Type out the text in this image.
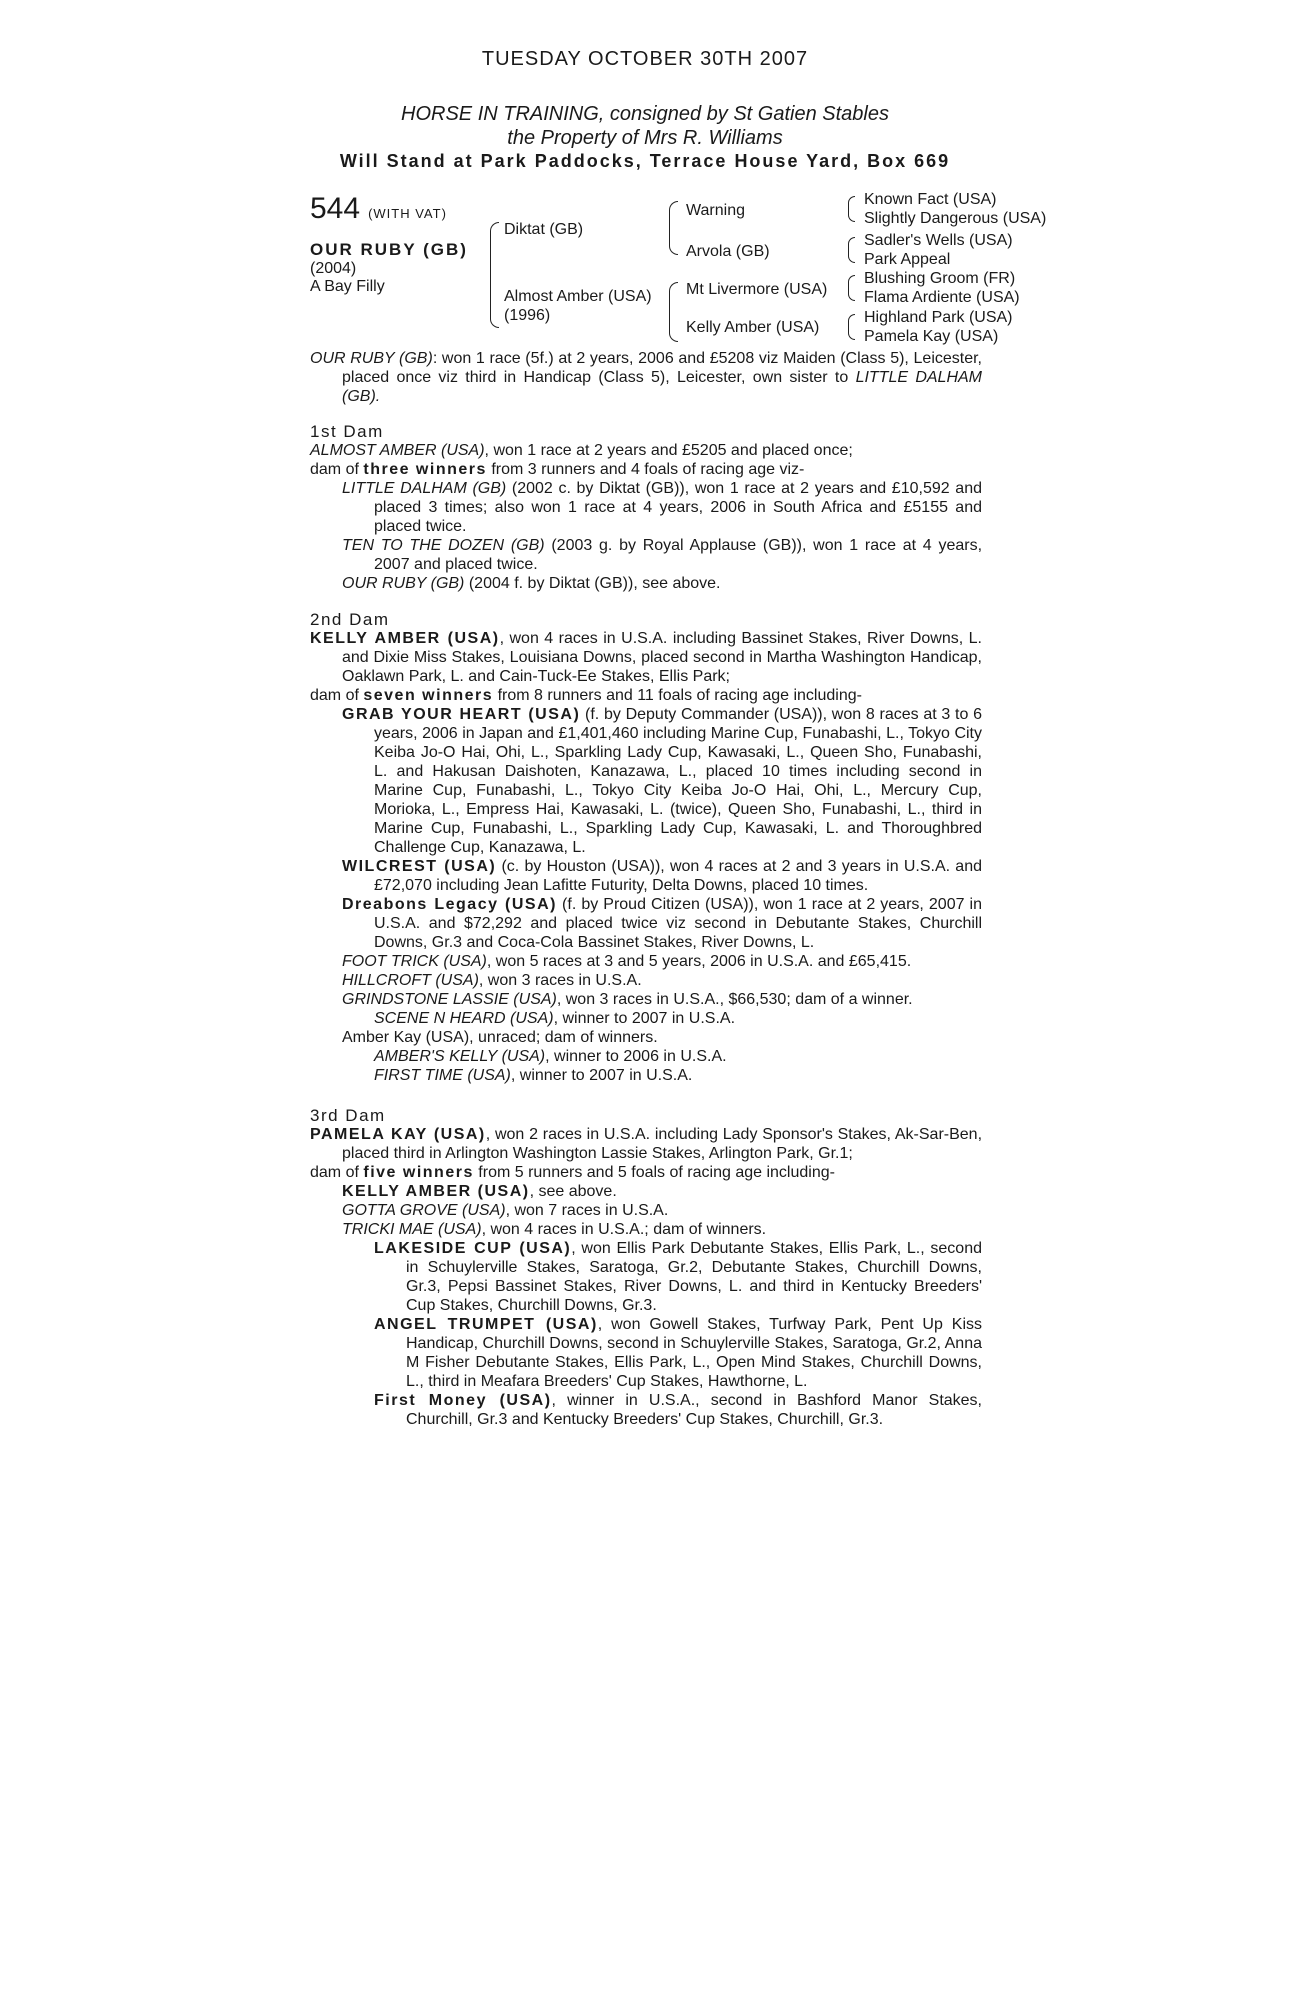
TUESDAY OCTOBER 30TH 2007
HORSE IN TRAINING, consigned by St Gatien Stables
the Property of Mrs R. Williams
Will Stand at Park Paddocks, Terrace House Yard, Box 669
544 (WITH VAT)
OUR RUBY (GB)
(2004)
A Bay Filly
Diktat (GB)
Almost Amber (USA)
(1996)
Warning
Arvola (GB)
Mt Livermore (USA)
Kelly Amber (USA)
Known Fact (USA)
Slightly Dangerous (USA)
Sadler's Wells (USA)
Park Appeal
Blushing Groom (FR)
Flama Ardiente (USA)
Highland Park (USA)
Pamela Kay (USA)

OUR RUBY (GB): won 1 race (5f.) at 2 years, 2006 and £5208 viz Maiden (Class 5), Leicester, placed once viz third in Handicap (Class 5), Leicester, own sister to LITTLE DALHAM (GB).

1st Dam

ALMOST AMBER (USA), won 1 race at 2 years and £5205 and placed once;

dam of three winners from 3 runners and 4 foals of racing age viz-

LITTLE DALHAM (GB) (2002 c. by Diktat (GB)), won 1 race at 2 years and £10,592 and placed 3 times; also won 1 race at 4 years, 2006 in South Africa and £5155 and placed twice.

TEN TO THE DOZEN (GB) (2003 g. by Royal Applause (GB)), won 1 race at 4 years, 2007 and placed twice.

OUR RUBY (GB) (2004 f. by Diktat (GB)), see above.

2nd Dam

KELLY AMBER (USA), won 4 races in U.S.A. including Bassinet Stakes, River Downs, L. and Dixie Miss Stakes, Louisiana Downs, placed second in Martha Washington Handicap, Oaklawn Park, L. and Cain-Tuck-Ee Stakes, Ellis Park;

dam of seven winners from 8 runners and 11 foals of racing age including-

GRAB YOUR HEART (USA) (f. by Deputy Commander (USA)), won 8 races at 3 to 6 years, 2006 in Japan and £1,401,460 including Marine Cup, Funabashi, L., Tokyo City Keiba Jo-O Hai, Ohi, L., Sparkling Lady Cup, Kawasaki, L., Queen Sho, Funabashi, L. and Hakusan Daishoten, Kanazawa, L., placed 10 times including second in Marine Cup, Funabashi, L., Tokyo City Keiba Jo-O Hai, Ohi, L., Mercury Cup, Morioka, L., Empress Hai, Kawasaki, L. (twice), Queen Sho, Funabashi, L., third in Marine Cup, Funabashi, L., Sparkling Lady Cup, Kawasaki, L. and Thoroughbred Challenge Cup, Kanazawa, L.

WILCREST (USA) (c. by Houston (USA)), won 4 races at 2 and 3 years in U.S.A. and £72,070 including Jean Lafitte Futurity, Delta Downs, placed 10 times.

Dreabons Legacy (USA) (f. by Proud Citizen (USA)), won 1 race at 2 years, 2007 in U.S.A. and $72,292 and placed twice viz second in Debutante Stakes, Churchill Downs, Gr.3 and Coca-Cola Bassinet Stakes, River Downs, L.

FOOT TRICK (USA), won 5 races at 3 and 5 years, 2006 in U.S.A. and £65,415.

HILLCROFT (USA), won 3 races in U.S.A.

GRINDSTONE LASSIE (USA), won 3 races in U.S.A., $66,530; dam of a winner.

SCENE N HEARD (USA), winner to 2007 in U.S.A.

Amber Kay (USA), unraced; dam of winners.

AMBER'S KELLY (USA), winner to 2006 in U.S.A.

FIRST TIME (USA), winner to 2007 in U.S.A.

3rd Dam

PAMELA KAY (USA), won 2 races in U.S.A. including Lady Sponsor's Stakes, Ak-Sar-Ben, placed third in Arlington Washington Lassie Stakes, Arlington Park, Gr.1;

dam of five winners from 5 runners and 5 foals of racing age including-

KELLY AMBER (USA), see above.

GOTTA GROVE (USA), won 7 races in U.S.A.

TRICKI MAE (USA), won 4 races in U.S.A.; dam of winners.

LAKESIDE CUP (USA), won Ellis Park Debutante Stakes, Ellis Park, L., second in Schuylerville Stakes, Saratoga, Gr.2, Debutante Stakes, Churchill Downs, Gr.3, Pepsi Bassinet Stakes, River Downs, L. and third in Kentucky Breeders' Cup Stakes, Churchill Downs, Gr.3.

ANGEL TRUMPET (USA), won Gowell Stakes, Turfway Park, Pent Up Kiss Handicap, Churchill Downs, second in Schuylerville Stakes, Saratoga, Gr.2, Anna M Fisher Debutante Stakes, Ellis Park, L., Open Mind Stakes, Churchill Downs, L., third in Meafara Breeders' Cup Stakes, Hawthorne, L.

First Money (USA), winner in U.S.A., second in Bashford Manor Stakes, Churchill, Gr.3 and Kentucky Breeders' Cup Stakes, Churchill, Gr.3.
